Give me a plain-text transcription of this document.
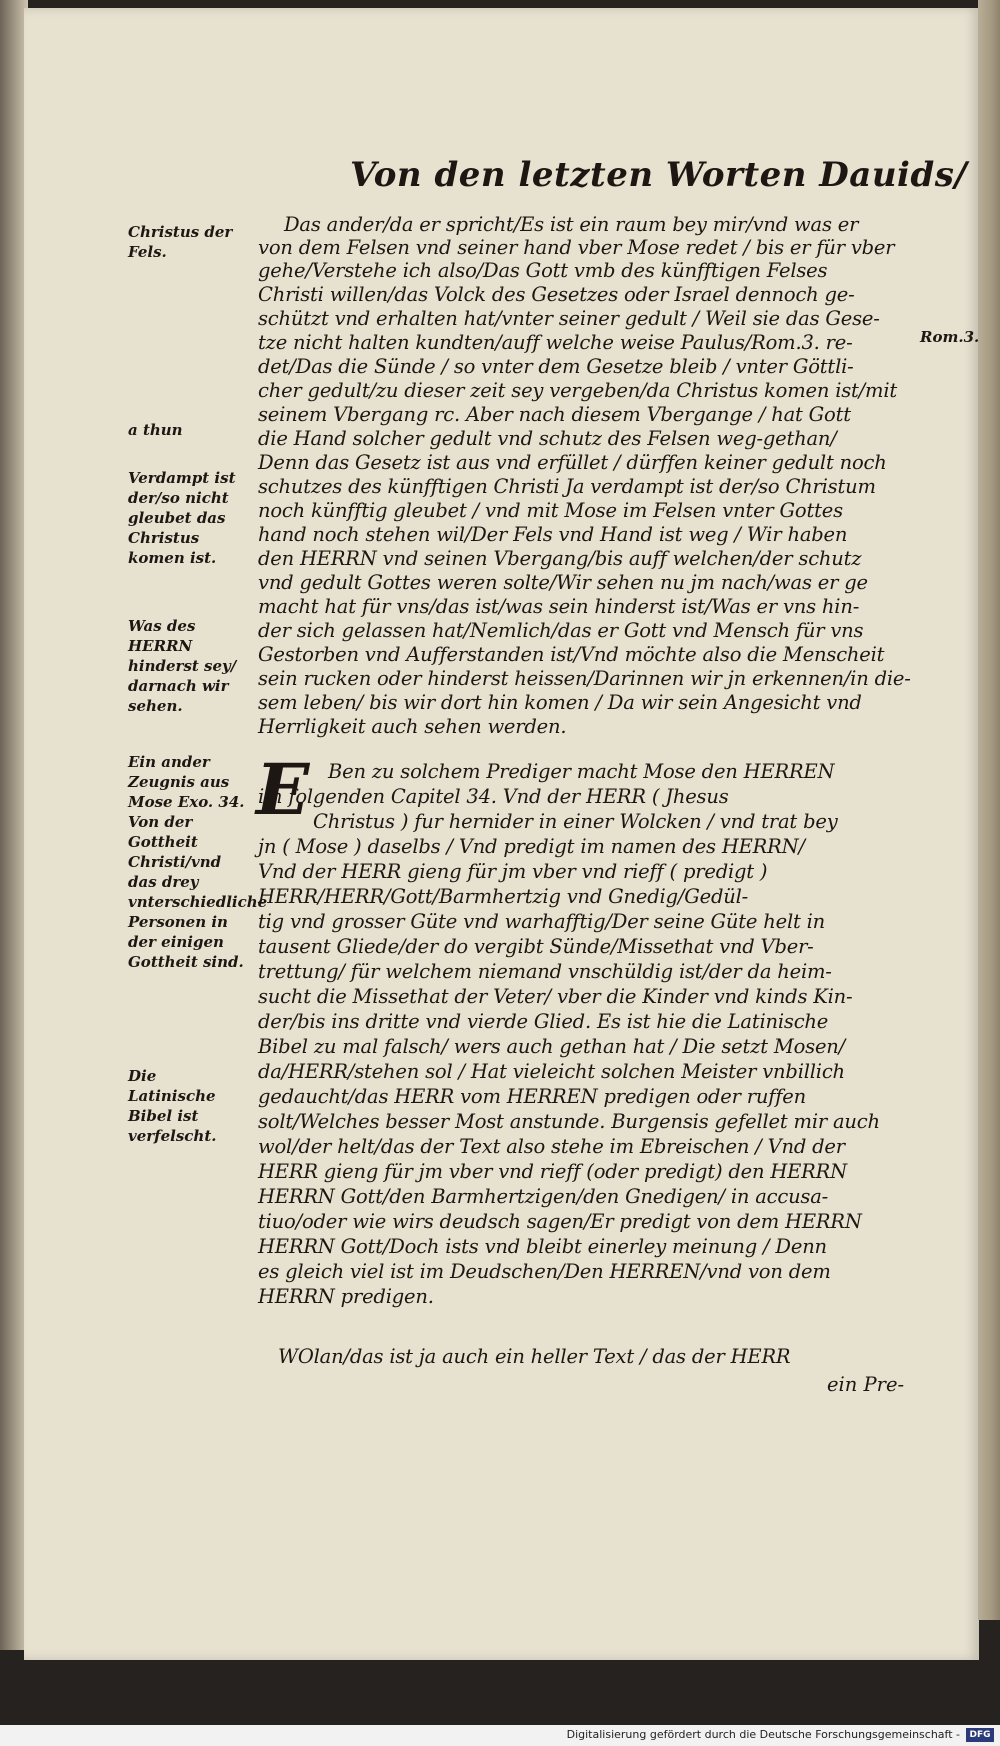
Von den letzten Worten Dauids/
Christus der Fels.
a thun
Verdampt ist der/so nicht gleubet das Christus komen ist.
Was des HERRN hinderst sey/ darnach wir sehen.
Ein ander Zeugnis aus Mose Exo. 34. Von der Gottheit Christi/vnd das drey vnterschiedliche Personen in der einigen Gottheit sind.
Die Latinische Bibel ist verfelscht.
Rom.3.
E
Das ander/da er spricht/Es ist ein raum bey mir/vnd was er
von dem Felsen vnd seiner hand vber Mose redet / bis er für vber
gehe/Verstehe ich also/Das Gott vmb des künfftigen Felses
Christi willen/das Volck des Gesetzes oder Israel dennoch ge-
schützt vnd erhalten hat/vnter seiner gedult / Weil sie das Gese-
tze nicht halten kundten/auff welche weise Paulus/Rom.3. re-
det/Das die Sünde / so vnter dem Gesetze bleib / vnter Göttli-
cher gedult/zu dieser zeit sey vergeben/da Christus komen ist/mit
seinem Vbergang rc. Aber nach diesem Vbergange / hat Gott
die Hand solcher gedult vnd schutz des Felsen weg-gethan/
Denn das Gesetz ist aus vnd erfüllet / dürffen keiner gedult noch
schutzes des künfftigen Christi Ja verdampt ist der/so Christum
noch künfftig gleubet / vnd mit Mose im Felsen vnter Gottes
hand noch stehen wil/Der Fels vnd Hand ist weg / Wir haben
den HERRN vnd seinen Vbergang/bis auff welchen/der schutz
vnd gedult Gottes weren solte/Wir sehen nu jm nach/was er ge
macht hat für vns/das ist/was sein hinderst ist/Was er vns hin-
der sich gelassen hat/Nemlich/das er Gott vnd Mensch für vns
Gestorben vnd Aufferstanden ist/Vnd möchte also die Menscheit
sein rucken oder hinderst heissen/Darinnen wir jn erkennen/in die-
sem leben/ bis wir dort hin komen / Da wir sein Angesicht vnd
Herrligkeit auch sehen werden.
Ben zu solchem Prediger macht Mose den HERREN
im folgenden Capitel 34. Vnd der HERR ( Jhesus
Christus ) fur hernider in einer Wolcken / vnd trat bey
jn ( Mose ) daselbs / Vnd predigt im namen des HERRN/
Vnd der HERR gieng für jm vber vnd rieff ( predigt )
HERR/HERR/Gott/Barmhertzig vnd Gnedig/Gedül-
tig vnd grosser Güte vnd warhafftig/Der seine Güte helt in
tausent Gliede/der do vergibt Sünde/Missethat vnd Vber-
trettung/ für welchem niemand vnschüldig ist/der da heim-
sucht die Missethat der Veter/ vber die Kinder vnd kinds Kin-
der/bis ins dritte vnd vierde Glied. Es ist hie die Latinische
Bibel zu mal falsch/ wers auch gethan hat / Die setzt Mosen/
da/HERR/stehen sol / Hat vieleicht solchen Meister vnbillich
gedaucht/das HERR vom HERREN predigen oder ruffen
solt/Welches besser Most anstunde. Burgensis gefellet mir auch
wol/der helt/das der Text also stehe im Ebreischen / Vnd der
HERR gieng für jm vber vnd rieff (oder predigt) den HERRN
HERRN Gott/den Barmhertzigen/den Gnedigen/ in accusa-
tiuo/oder wie wirs deudsch sagen/Er predigt von dem HERRN
HERRN Gott/Doch ists vnd bleibt einerley meinung / Denn
es gleich viel ist im Deudschen/Den HERREN/vnd von dem
HERRN predigen.
WOlan/das ist ja auch ein heller Text / das der HERR
ein Pre-
Digitalisierung gefördert durch die Deutsche Forschungsgemeinschaft -	DFG
